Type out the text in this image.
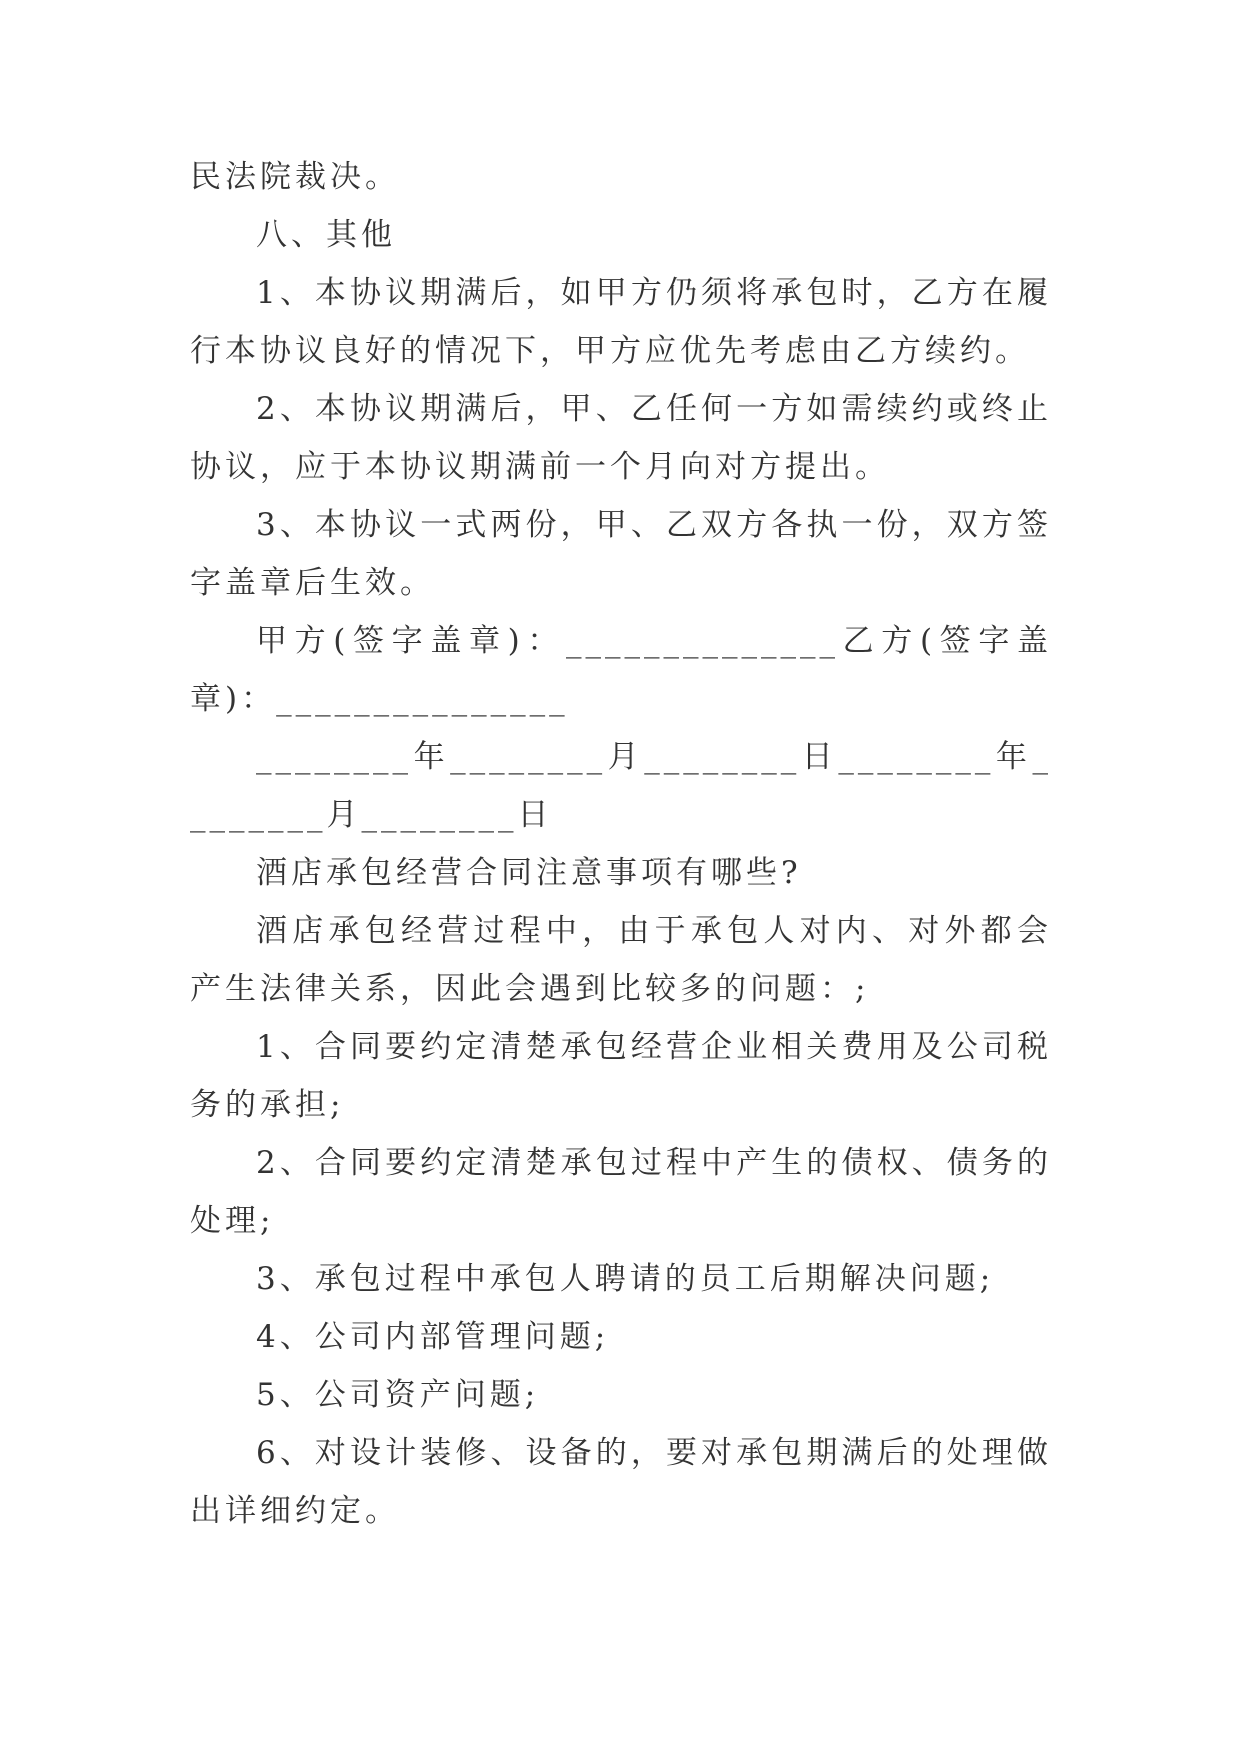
民法院裁决。

八、其他

1、本协议期满后，如甲方仍须将承包时，乙方在履行本协议良好的情况下，甲方应优先考虑由乙方续约。

2、本协议期满后，甲、乙任何一方如需续约或终止协议，应于本协议期满前一个月向对方提出。

3、本协议一式两份，甲、乙双方各执一份，双方签字盖章后生效。

甲方(签字盖章)：______________乙方(签字盖章)：_______________

________年________月________日________年________月________日

酒店承包经营合同注意事项有哪些?

酒店承包经营过程中，由于承包人对内、对外都会产生法律关系，因此会遇到比较多的问题：;

1、合同要约定清楚承包经营企业相关费用及公司税务的承担;

2、合同要约定清楚承包过程中产生的债权、债务的处理;

3、承包过程中承包人聘请的员工后期解决问题;

4、公司内部管理问题;

5、公司资产问题;

6、对设计装修、设备的，要对承包期满后的处理做出详细约定。
